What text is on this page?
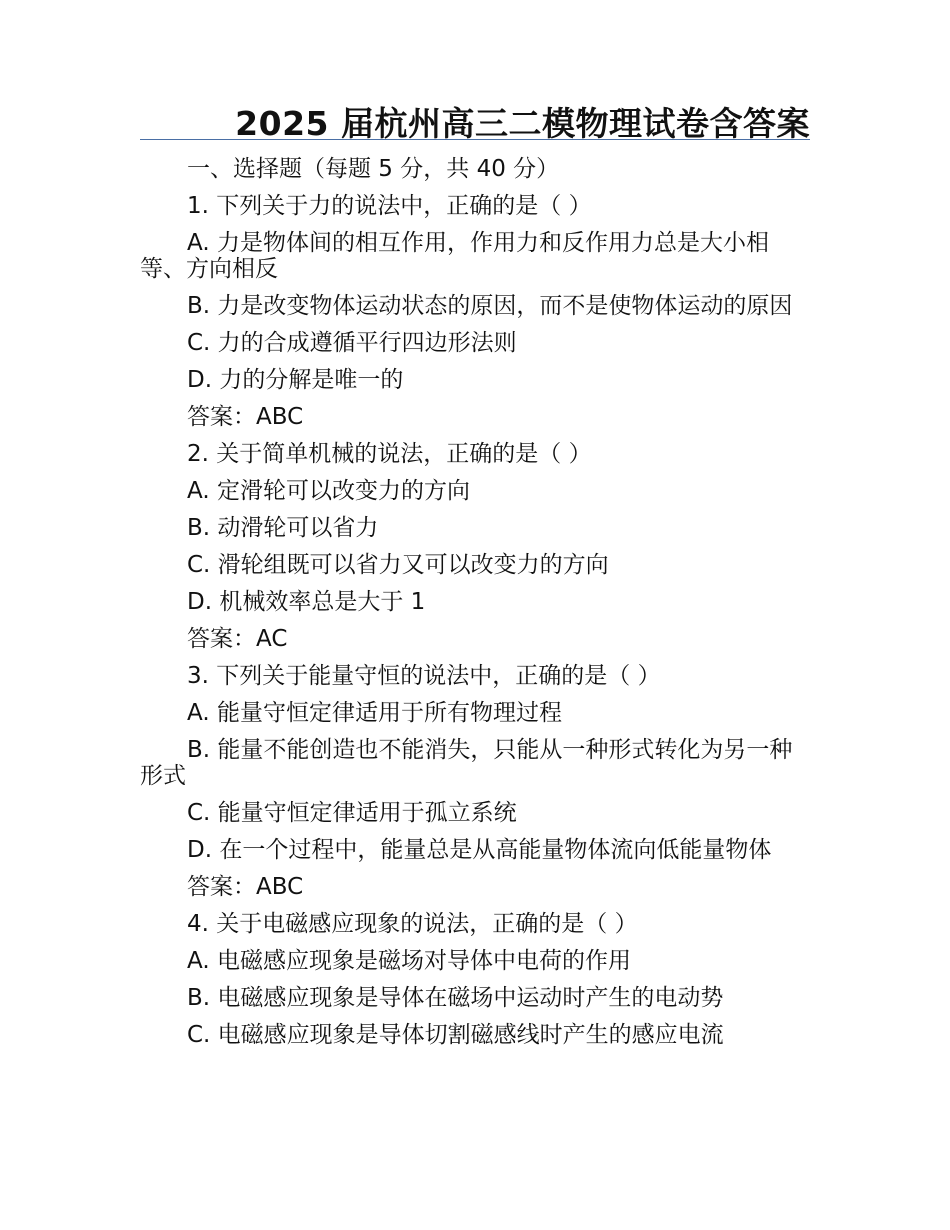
2025 届杭州高三二模物理试卷含答案

一、选择题（每题 5 分，共 40 分）

1. 下列关于力的说法中，正确的是（ ）

A. 力是物体间的相互作用，作用力和反作用力总是大小相等、方向相反

B. 力是改变物体运动状态的原因，而不是使物体运动的原因

C. 力的合成遵循平行四边形法则

D. 力的分解是唯一的

答案：ABC

2. 关于简单机械的说法，正确的是（ ）

A. 定滑轮可以改变力的方向

B. 动滑轮可以省力

C. 滑轮组既可以省力又可以改变力的方向

D. 机械效率总是大于 1

答案：AC

3. 下列关于能量守恒的说法中，正确的是（ ）

A. 能量守恒定律适用于所有物理过程

B. 能量不能创造也不能消失，只能从一种形式转化为另一种形式

C. 能量守恒定律适用于孤立系统

D. 在一个过程中，能量总是从高能量物体流向低能量物体

答案：ABC

4. 关于电磁感应现象的说法，正确的是（ ）

A. 电磁感应现象是磁场对导体中电荷的作用

B. 电磁感应现象是导体在磁场中运动时产生的电动势

C. 电磁感应现象是导体切割磁感线时产生的感应电流
